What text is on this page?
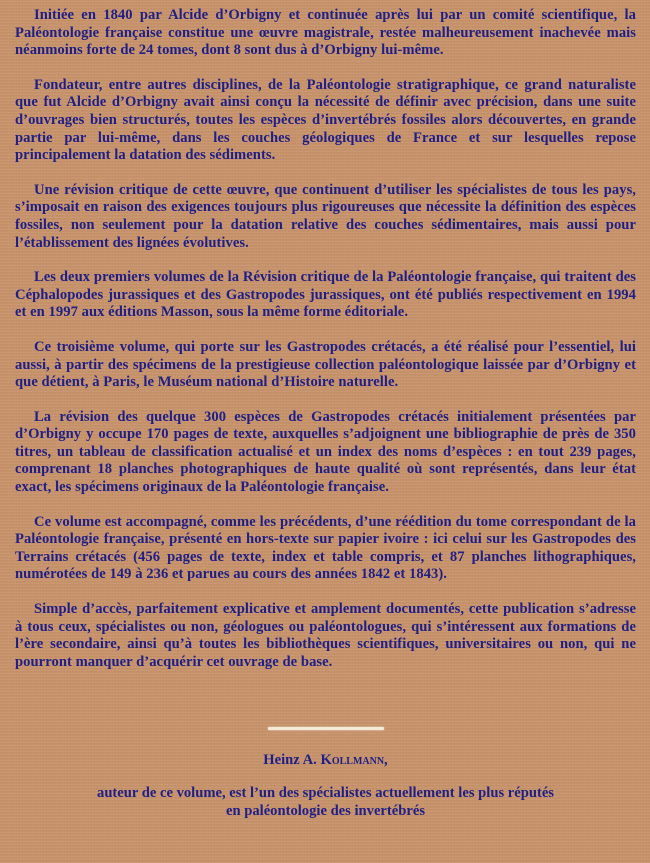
Initiée en 1840 par Alcide d’Orbigny et continuée après lui par un comité scientifique, la Paléontologie française constitue une œuvre magistrale, restée malheureusement inachevée mais néanmoins forte de 24 tomes, dont 8 sont dus à d’Orbigny lui-même.

Fondateur, entre autres disciplines, de la Paléontologie stratigraphique, ce grand naturaliste que fut Alcide d’Orbigny avait ainsi conçu la nécessité de définir avec précision, dans une suite d’ouvrages bien structurés, toutes les espèces d’invertébrés fossiles alors découvertes, en grande partie par lui-même, dans les couches géologiques de France et sur lesquelles repose principalement la datation des sédiments.

Une révision critique de cette œuvre, que continuent d’utiliser les spécialistes de tous les pays, s’imposait en raison des exigences toujours plus rigoureuses que nécessite la définition des espèces fossiles, non seulement pour la datation relative des couches sédimentaires, mais aussi pour l’établissement des lignées évolutives.

Les deux premiers volumes de la Révision critique de la Paléontologie française, qui traitent des Céphalopodes jurassiques et des Gastropodes jurassiques, ont été publiés respectivement en 1994 et en 1997 aux éditions Masson, sous la même forme éditoriale.

Ce troisième volume, qui porte sur les Gastropodes crétacés, a été réalisé pour l’essentiel, lui aussi, à partir des spécimens de la prestigieuse collection paléontologique laissée par d’Orbigny et que détient, à Paris, le Muséum national d’Histoire naturelle.

La révision des quelque 300 espèces de Gastropodes crétacés initialement présentées par d’Orbigny y occupe 170 pages de texte, auxquelles s’adjoignent une bibliographie de près de 350 titres, un tableau de classification actualisé et un index des noms d’espèces : en tout 239 pages, comprenant 18 planches photographiques de haute qualité où sont représentés, dans leur état exact, les spécimens originaux de la Paléontologie française.

Ce volume est accompagné, comme les précédents, d’une réédition du tome correspondant de la Paléontologie française, présenté en hors-texte sur papier ivoire : ici celui sur les Gastropodes des Terrains crétacés (456 pages de texte, index et table compris, et 87 planches lithographiques, numérotées de 149 à 236 et parues au cours des années 1842 et 1843).

Simple d’accès, parfaitement explicative et amplement documentés, cette publication s’adresse à tous ceux, spécialistes ou non, géologues ou paléontologues, qui s’intéressent aux formations de l’ère secondaire, ainsi qu’à toutes les bibliothèques scientifiques, universitaires ou non, qui ne pourront manquer d’acquérir cet ouvrage de base.

Heinz A. Kollmann,

auteur de ce volume, est l’un des spécialistes actuellement les plus réputés
en paléontologie des invertébrés
